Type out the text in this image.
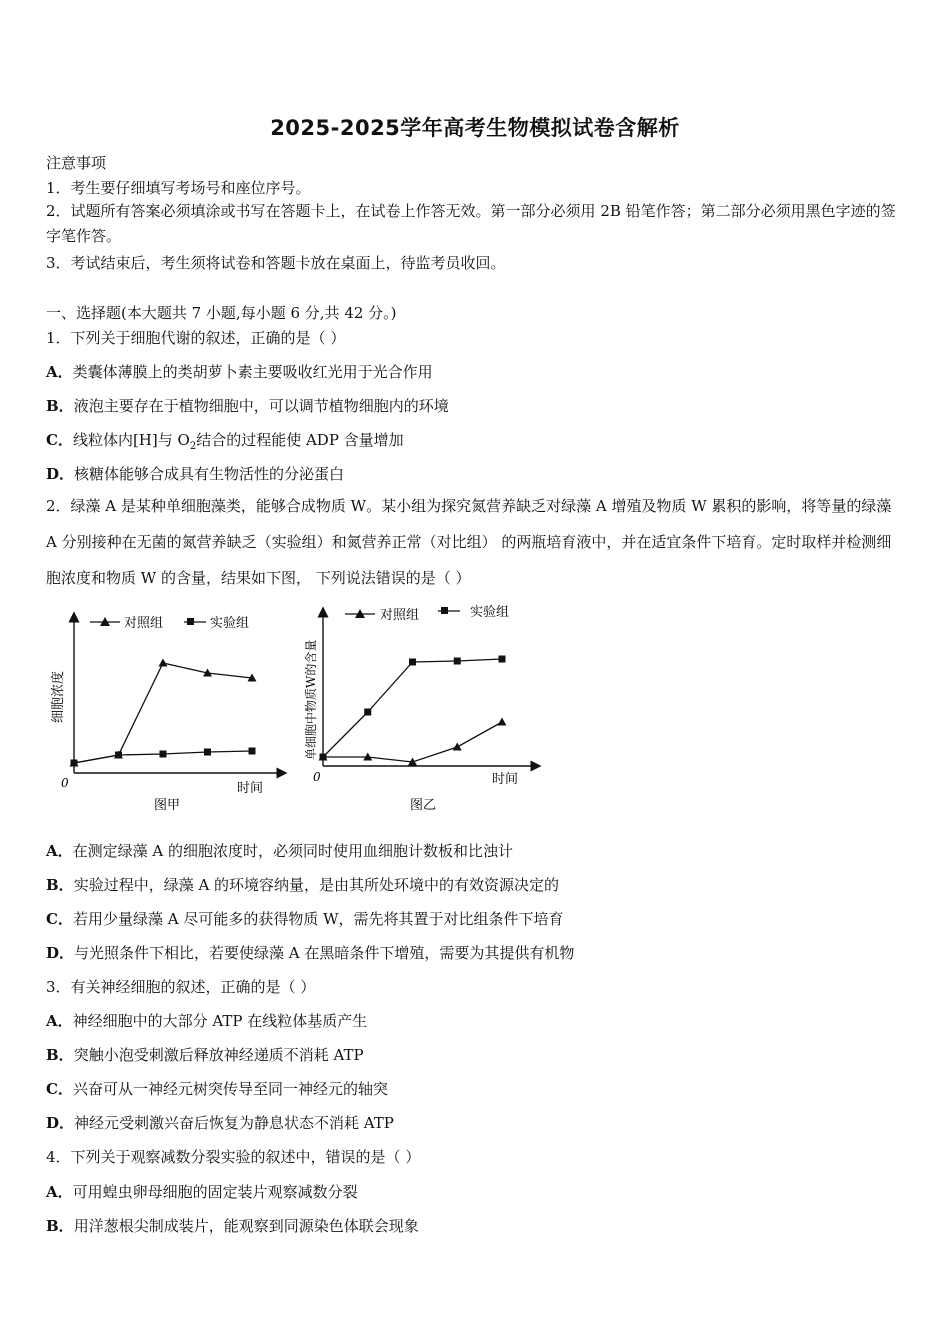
2025-2025学年高考生物模拟试卷含解析
注意事项
1．考生要仔细填写考场号和座位序号。
2．试题所有答案必须填涂或书写在答题卡上，在试卷上作答无效。第一部分必须用 2B 铅笔作答；第二部分必须用黑色字迹的签字笔作答。
3．考试结束后，考生须将试卷和答题卡放在桌面上，待监考员收回。
一、选择题(本大题共 7 小题,每小题 6 分,共 42 分。)
1．下列关于细胞代谢的叙述，正确的是（ ）
A．类囊体薄膜上的类胡萝卜素主要吸收红光用于光合作用
B．液泡主要存在于植物细胞中，可以调节植物细胞内的环境
C．线粒体内[H]与 $O_2$结合的过程能使 ADP 含量增加
D．核糖体能够合成具有生物活性的分泌蛋白
2．绿藻 A 是某种单细胞藻类，能够合成物质 W。某小组为探究氮营养缺乏对绿藻 A 增殖及物质 W 累积的影响，将等量的绿藻 A 分别接种在无菌的氮营养缺乏（实验组）和氮营养正常（对比组） 的两瓶培育液中，并在适宜条件下培育。定时取样并检测细胞浓度和物质 W 的含量，结果如下图， 下列说法错误的是（ ）
0	时间
图甲
细胞浓度
对照组	实验组
0	时间
图乙
单细胞中物质W的含量
对照组	实验组
A．在测定绿藻 A 的细胞浓度时，必须同时使用血细胞计数板和比浊计
B．实验过程中，绿藻 A 的环境容纳量，是由其所处环境中的有效资源决定的
C．若用少量绿藻 A 尽可能多的获得物质 W，需先将其置于对比组条件下培育
D．与光照条件下相比，若要使绿藻 A 在黑暗条件下增殖，需要为其提供有机物
3．有关神经细胞的叙述，正确的是（ ）
A．神经细胞中的大部分 ATP 在线粒体基质产生
B．突触小泡受刺激后释放神经递质不消耗 ATP
C．兴奋可从一神经元树突传导至同一神经元的轴突
D．神经元受刺激兴奋后恢复为静息状态不消耗 ATP
4．下列关于观察减数分裂实验的叙述中，错误的是（ ）
A．可用蝗虫卵母细胞的固定装片观察减数分裂
B．用洋葱根尖制成装片，能观察到同源染色体联会现象
